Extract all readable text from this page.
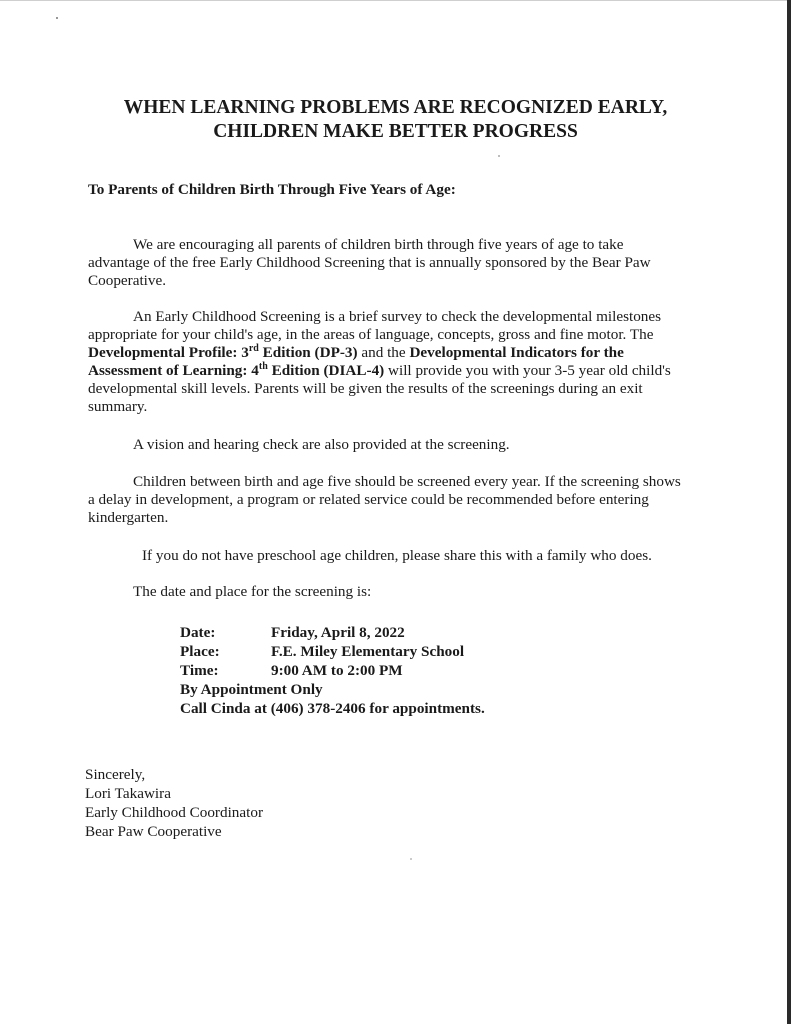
WHEN LEARNING PROBLEMS ARE RECOGNIZED EARLY,
CHILDREN MAKE BETTER PROGRESS
To Parents of Children Birth Through Five Years of Age:

We are encouraging all parents of children birth through five years of age to take advantage of the free Early Childhood Screening that is annually sponsored by the Bear Paw Cooperative.

An Early Childhood Screening is a brief survey to check the developmental milestones appropriate for your child's age, in the areas of language, concepts, gross and fine motor. The Developmental Profile: 3rd Edition (DP-3) and the Developmental Indicators for the Assessment of Learning: 4th Edition (DIAL-4) will provide you with your 3-5 year old child's developmental skill levels. Parents will be given the results of the screenings during an exit summary.

A vision and hearing check are also provided at the screening.

Children between birth and age five should be screened every year. If the screening shows a delay in development, a program or related service could be recommended before entering kindergarten.

If you do not have preschool age children, please share this with a family who does.

The date and place for the screening is:

Date:	Friday, April 8, 2022
Place:	F.E. Miley Elementary School
Time:	9:00 AM to 2:00 PM
By Appointment Only
Call Cinda at (406) 378-2406 for appointments.
Sincerely,
Lori Takawira
Early Childhood Coordinator
Bear Paw Cooperative
